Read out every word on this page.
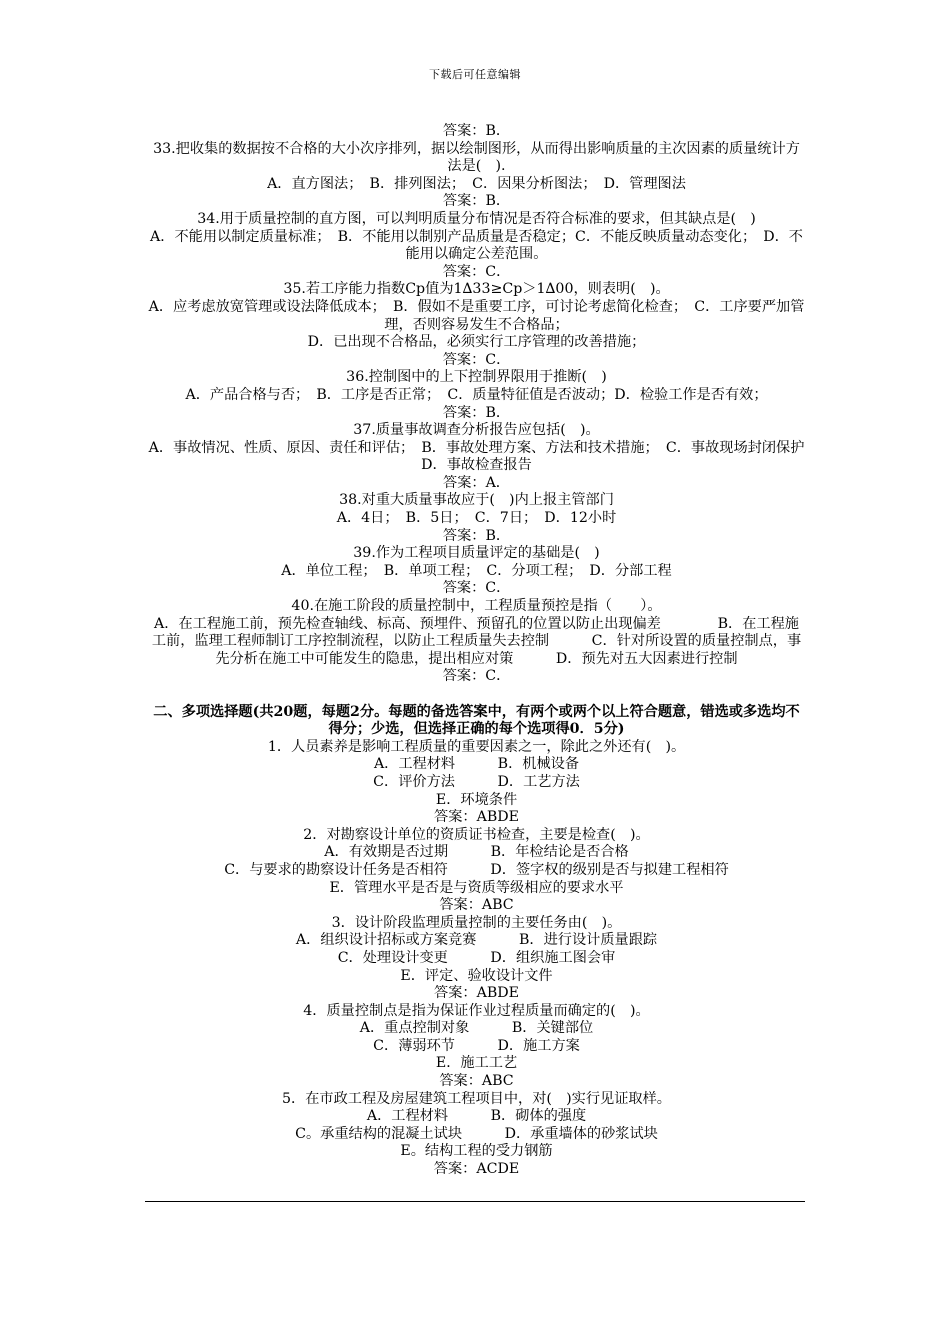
下载后可任意编辑

答案：B．

33.把收集的数据按不合格的大小次序排列，据以绘制图形，从而得出影响质量的主次因素的质量统计方法是(　).

A．直方图法；　B．排列图法；　C．因果分析图法；　D．管理图法

答案：B．

34.用于质量控制的直方图，可以判明质量分布情况是否符合标准的要求，但其缺点是(　)

A．不能用以制定质量标准；　B．不能用以制别产品质量是否稳定；C．不能反映质量动态变化；　D．不能用以确定公差范围。

答案：C．

35.若工序能力指数Cp值为1∆33≥Cp＞1∆00，则表明(　)。

A．应考虑放宽管理或设法降低成本；　B．假如不是重要工序，可讨论考虑简化检查；　C．工序要严加管理，否则容易发生不合格品；

D．已出现不合格品，必须实行工序管理的改善措施；

答案：C．

36.控制图中的上下控制界限用于推断(　)

A．产品合格与否；　B．工序是否正常；　C．质量特征值是否波动；D．检验工作是否有效；

答案：B．

37.质量事故调查分析报告应包括(　)。

A．事故情况、性质、原因、责任和评估；　B．事故处理方案、方法和技术措施；　C．事故现场封闭保护　　D．事故检查报告

答案：A．

38.对重大质量事故应于(　)内上报主管部门

A．4日；　B．5日；　C．7日；　D．12小时

答案：B．

39.作为工程项目质量评定的基础是(　)

A．单位工程；　B．单项工程；　C．分项工程；　D．分部工程

答案：C．

40.在施工阶段的质量控制中，工程质量预控是指（　　）。

A．在工程施工前，预先检查轴线、标高、预埋件、预留孔的位置以防止出现偏差　　　　B．在工程施工前，监理工程师制订工序控制流程，以防止工程质量失去控制　　　C．针对所设置的质量控制点，事先分析在施工中可能发生的隐患，提出相应对策　　　D．预先对五大因素进行控制

答案：C．

二、多项选择题(共20题，每题2分。每题的备选答案中，有两个或两个以上符合题意，错选或多选均不得分；少选，但选择正确的每个选项得0．5分)

1．人员素养是影响工程质量的重要因素之一，除此之外还有(　)。

A．工程材料　　　B．机械设备

C．评价方法　　　D．工艺方法

E．环境条件

答案：ABDE

2．对勘察设计单位的资质证书检查，主要是检查(　)。

A．有效期是否过期　　　B．年检结论是否合格

C．与要求的勘察设计任务是否相符　　　D．签字权的级别是否与拟建工程相符

E．管理水平是否是与资质等级相应的要求水平

答案：ABC

3．设计阶段监理质量控制的主要任务由(　)。

A．组织设计招标或方案竞赛　　　B．进行设计质量跟踪

C．处理设计变更　　　D．组织施工图会审

E．评定、验收设计文件

答案：ABDE

4．质量控制点是指为保证作业过程质量而确定的(　)。

A．重点控制对象　　　B．关键部位

C．薄弱环节　　　D．施工方案

E．施工工艺

答案：ABC

5．在市政工程及房屋建筑工程项目中，对(　)实行见证取样。

A．工程材料　　　B．砌体的强度

C。承重结构的混凝土试块　　　D．承重墙体的砂浆试块

E。结构工程的受力钢筋

答案：ACDE
